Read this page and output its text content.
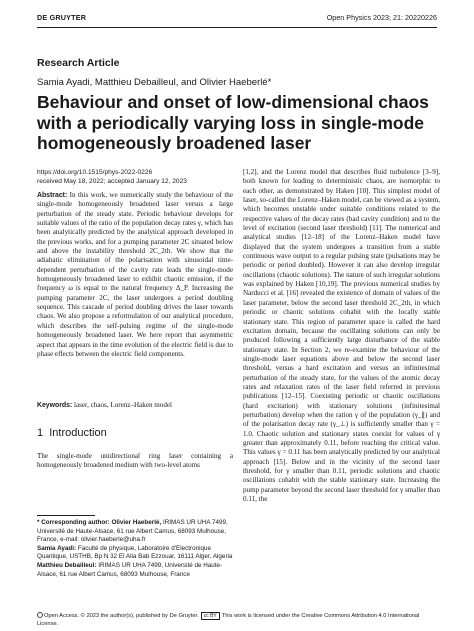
DE GRUYTER	Open Physics 2023; 21: 20220226
Research Article
Samia Ayadi, Matthieu Debailleul, and Olivier Haeberlé*
Behaviour and onset of low-dimensional chaos
with a periodically varying loss in single-mode
homogeneously broadened laser
https://doi.org/10.1515/phys-2022-0226
received May 18, 2022; accepted January 12, 2023

Abstract: In this work, we numerically study the behaviour of the single-mode homogeneously broadened laser versus a large perturbation of the steady state. Periodic behaviour develops for suitable values of the ratio of the population decay rates γ, which has been analytically predicted by the analytical approach developed in the previous works, and for a pumping parameter 2C situated below and above the instability threshold 2C_2th. We show that the adiabatic elimination of the polarisation with sinusoidal time-dependent perturbation of the cavity rate leads the single-mode homogeneously broadened laser to exhibit chaotic emission, if the frequency ω is equal to the natural frequency Δ_P. Increasing the pumping parameter 2C, the laser undergoes a period doubling sequence. This cascade of period doubling drives the laser towards chaos. We also propose a reformulation of our analytical procedure, which describes the self-pulsing regime of the single-mode homogeneously broadened laser. We here report that asymmetric aspect that appears in the time evolution of the electric field is due to phase effects between the electric field components.

Keywords: laser, chaos, Lorenz–Haken model
1 Introduction
The single-mode unidirectional ring laser containing a homogeneously broadened medium with two-level atoms

* Corresponding author: Olivier Haeberlé, IRIMAS UR UHA 7499, Université de Haute-Alsace, 61 rue Albert Camus, 68093 Mulhouse, France, e-mail: olivier.haeberle@uha.fr

Samia Ayadi: Faculté de physique, Laboratoire d'Electronique Quantique, USTHB, Bp N 32 El Alia Bab Ezzouar, 16111 Alger, Algeria

Matthieu Debailleul: IRIMAS UR UHA 7499, Université de Haute-Alsace, 61 rue Albert Camus, 68093 Mulhouse, France

[1,2], and the Lorenz model that describes fluid turbulence [3–9], both known for leading to deterministic chaos, are isomorphic to each other, as demonstrated by Haken [10]. This simplest model of laser, so-called the Lorenz–Haken model, can be viewed as a system, which becomes unstable under suitable conditions related to the respective values of the decay rates (bad cavity condition) and to the level of excitation (second laser threshold) [11]. The numerical and analytical studies [12–18] of the Lorenz–Haken model have displayed that the system undergoes a transition from a stable continuous wave output to a regular pulsing state (pulsations may be periodic or period doubled). However it can also develop irregular oscillations (chaotic solutions). The nature of such irregular solutions was explained by Haken [10,19]. The previous numerical studies by Narducci et al. [16] revealed the existence of domain of values of the laser parameter, below the second laser threshold 2C_2th, in which periodic or chaotic solutions cohabit with the locally stable stationary state. This region of parameter space is called the hard excitation domain, because the oscillating solutions can only be produced following a sufficiently large disturbance of the stable stationary state. In Section 2, we re-examine the behaviour of the single-mode laser equations above and below the second laser threshold, versus a hard excitation and versus an infinitesimal perturbation of the steady state, for the values of the atomic decay rates and relaxation rates of the laser field referred in previous publications [12–15]. Coexisting periodic or chaotic oscillations (hard excitation) with stationary solutions (infinitesimal perturbation) develop when the ration γ of the population (γ_∥) and of the polarisation decay rate (γ_⊥) is sufficiently smaller than γ = 1.0. Chaotic solution and stationary states coexist for values of γ greater than approximately 0.11, before reaching the critical value. This values γ = 0.11 has been analytically predicted by our analytical approach [15]. Below and in the vicinity of the second laser threshold, for γ smaller than 0.11, periodic solutions and chaotic oscillations cohabit with the stable stationary state. Increasing the pump parameter beyond the second laser threshold for γ smaller than 0.11, the
Open Access. © 2023 the author(s), published by De Gruyter. cc BY This work is licensed under the Creative Commons Attribution 4.0 International License.
